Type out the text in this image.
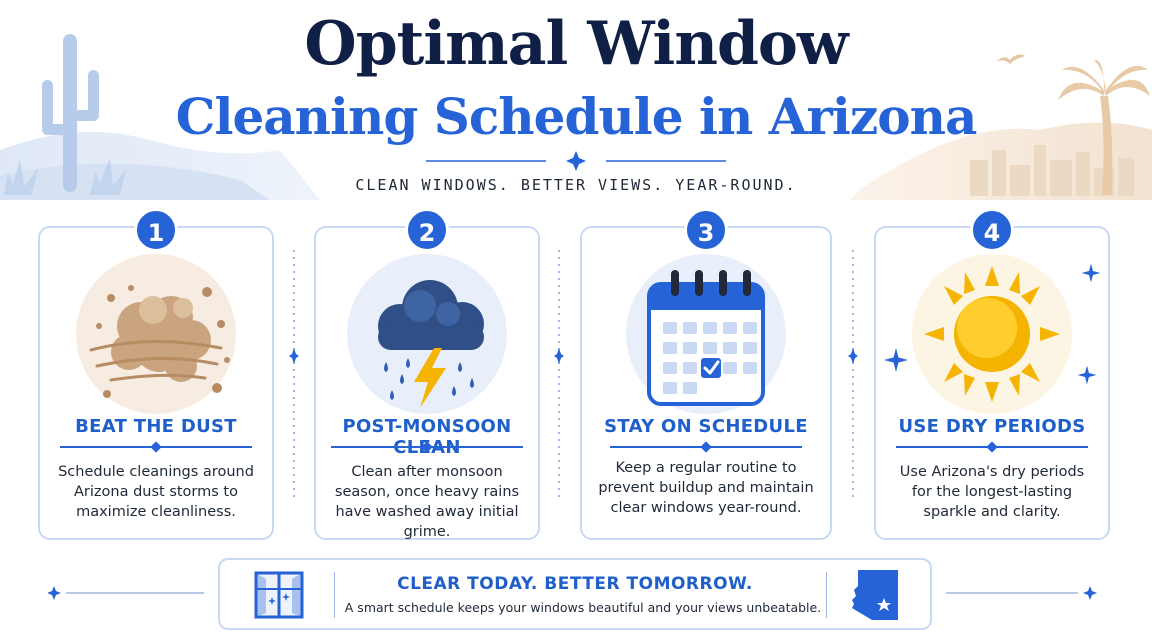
Optimal Window
Cleaning Schedule in Arizona
CLEAN WINDOWS. BETTER VIEWS. YEAR-ROUND.
1
BEAT THE DUST
Schedule cleanings around Arizona dust storms to maximize cleanliness.
2
POST-MONSOON
Clean after monsoon season, once heavy rains have washed away initial grime.
3
STAY ON SCHEDULE
Keep a regular routine to prevent buildup and maintain clear windows year-round.
4
USE DRY PERIODS
Use Arizona's dry periods for the longest-lasting sparkle and clarity.
CLEAR TODAY. BETTER TOMORROW.
A smart schedule keeps your windows beautiful and your views unbeatable.
